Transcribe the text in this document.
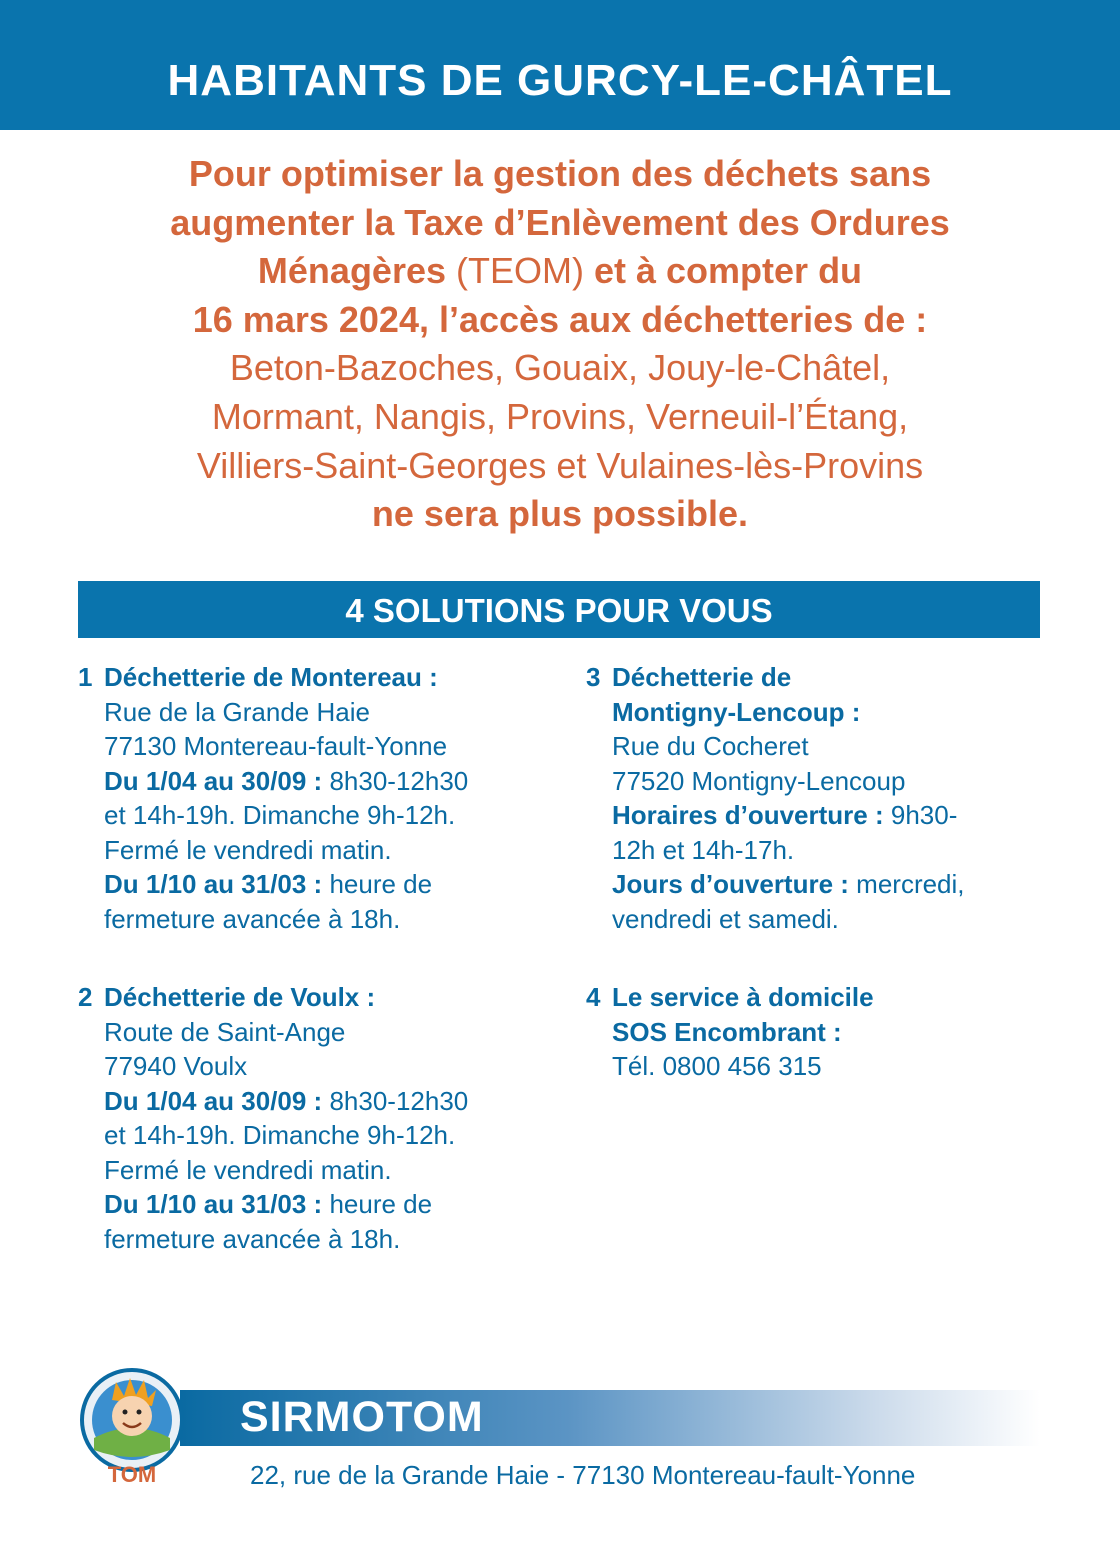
HABITANTS DE GURCY-LE-CHÂTEL
Pour optimiser la gestion des déchets sans
augmenter la Taxe d’Enlèvement des Ordures
Ménagères (TEOM) et à compter du
16 mars 2024, l’accès aux déchetteries de :
Beton-Bazoches, Gouaix, Jouy-le-Châtel,
Mormant, Nangis, Provins, Verneuil-l’Étang,
Villiers-Saint-Georges et Vulaines-lès-Provins
ne sera plus possible.
4 SOLUTIONS POUR VOUS
1 Déchetterie de Montereau :
Rue de la Grande Haie
77130 Montereau-fault-Yonne
Du 1/04 au 30/09 : 8h30-12h30
et 14h-19h. Dimanche 9h-12h.
Fermé le vendredi matin.
Du 1/10 au 31/03 : heure de
fermeture avancée à 18h.
2 Déchetterie de Voulx :
Route de Saint-Ange
77940 Voulx
Du 1/04 au 30/09 : 8h30-12h30
et 14h-19h. Dimanche 9h-12h.
Fermé le vendredi matin.
Du 1/10 au 31/03 : heure de
fermeture avancée à 18h.
3 Déchetterie de
Montigny-Lencoup :
Rue du Cocheret
77520 Montigny-Lencoup
Horaires d’ouverture : 9h30-
12h et 14h-17h.
Jours d’ouverture : mercredi,
vendredi et samedi.
4 Le service à domicile
SOS Encombrant :
Tél. 0800 456 315
SIRMOTOM
22, rue de la Grande Haie - 77130 Montereau-fault-Yonne
TOM
